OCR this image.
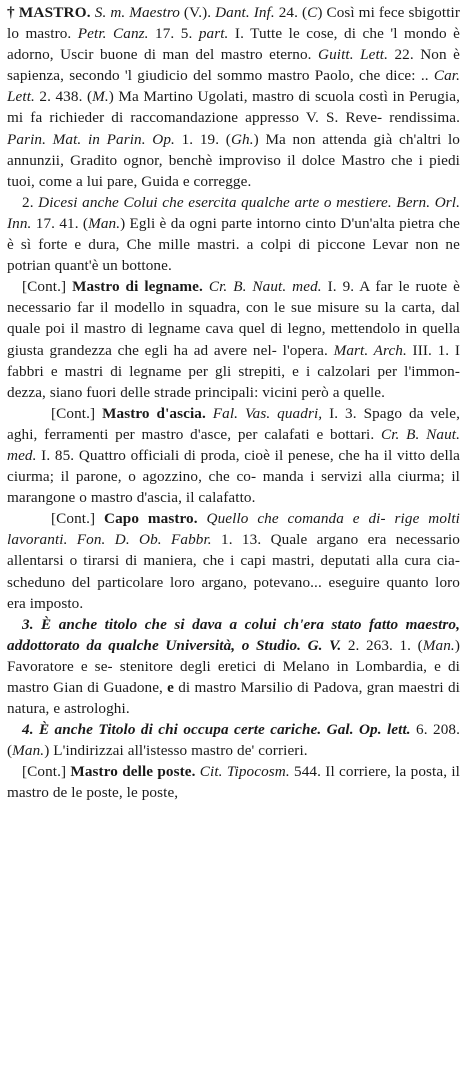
† MASTRO. S. m. Maestro (V.). Dant. Inf. 24. (C) Così mi fece sbigottir lo mastro. Petr. Canz. 17. 5. part. I. Tutte le cose, di che 'l mondo è adorno, Uscir buone di man del mastro eterno. Guitt. Lett. 22. Non è sapienza, secondo 'l giudicio del sommo mastro Paolo, che dice: .. Car. Lett. 2. 438. (M.) Ma Martino Ugolati, mastro di scuola costì in Perugia, mi fa richieder di raccomandazione appresso V. S. Reve- rendissima. Parin. Mat. in Parin. Op. 1. 19. (Gh.) Ma non attenda già ch'altri lo annunzii, Gradito ognor, benchè improviso il dolce Mastro che i piedi tuoi, come a lui pare, Guida e corregge.

2. Dicesi anche Colui che esercita qualche arte o mestiere. Bern. Orl. Inn. 17. 41. (Man.) Egli è da ogni parte intorno cinto D'un'alta pietra che è sì forte e dura, Che mille mastri. a colpi di piccone Levar non ne potrian quant'è un bottone.

[Cont.] Mastro di legname. Cr. B. Naut. med. I. 9. A far le ruote è necessario far il modello in squadra, con le sue misure su la carta, dal quale poi il mastro di legname cava quel di legno, mettendolo in quella giusta grandezza che egli ha ad avere nel- l'opera. Mart. Arch. III. 1. I fabbri e mastri di legname per gli strepiti, e i calzolari per l'immon- dezza, siano fuori delle strade principali: vicini però a quelle.

[Cont.] Mastro d'ascia. Fal. Vas. quadri, I. 3. Spago da vele, aghi, ferramenti per mastro d'asce, per calafati e bottari. Cr. B. Naut. med. I. 85. Quattro officiali di proda, cioè il penese, che ha il vitto della ciurma; il parone, o agozzino, che co- manda i servizi alla ciurma; il marangone o mastro d'ascia, il calafatto.

[Cont.] Capo mastro. Quello che comanda e di- rige molti lavoranti. Fon. D. Ob. Fabbr. 1. 13. Quale argano era necessario allentarsi o tirarsi di maniera, che i capi mastri, deputati alla cura cia- scheduno del particolare loro argano, potevano... eseguire quanto loro era imposto.

3. È anche titolo che si dava a colui ch'era stato fatto maestro, addottorato da qualche Università, o Studio. G. V. 2. 263. 1. (Man.) Favoratore e se- stenitore degli eretici di Melano in Lombardia, e di mastro Gian di Guadone, e di mastro Marsilio di Padova, gran maestri di natura, e astrologhi.

4. È anche Titolo di chi occupa certe cariche. Gal. Op. lett. 6. 208. (Man.) L'indirizzai all'istesso mastro de' corrieri.

[Cont.] Mastro delle poste. Cit. Tipocosm. 544. Il corriere, la posta, il mastro de le poste, le poste,
